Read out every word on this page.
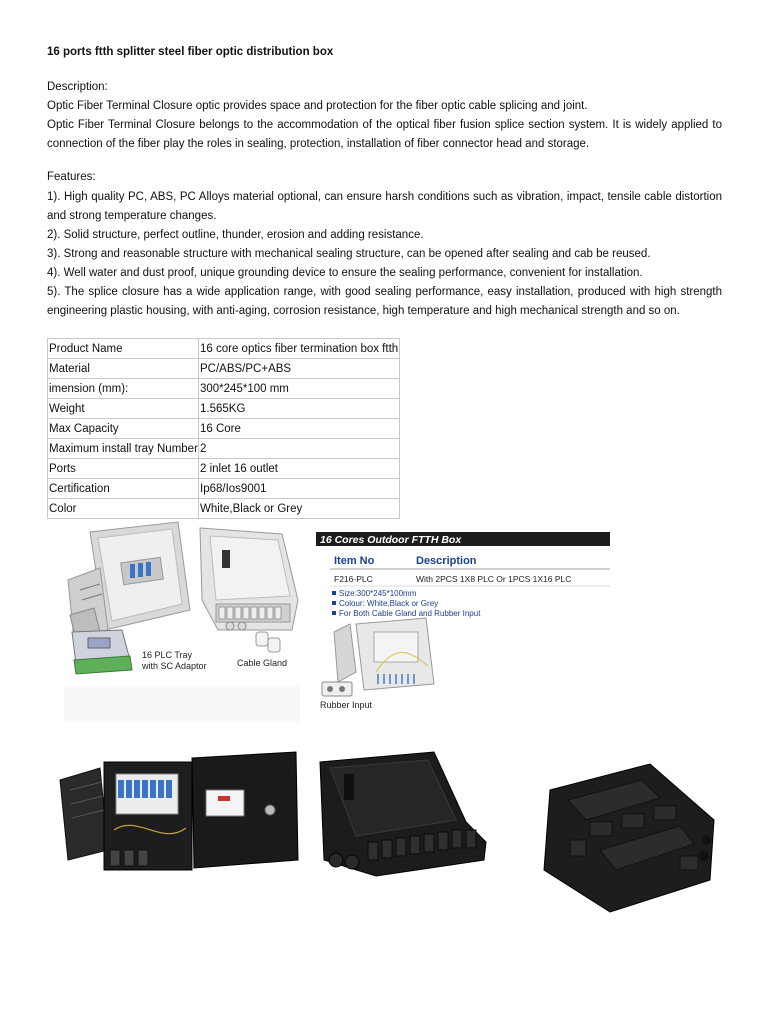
16 ports ftth splitter steel fiber optic distribution box

Description:

Optic Fiber Terminal Closure optic provides space and protection for the fiber optic cable splicing and joint.

Optic Fiber Terminal Closure belongs to the accommodation of the optical fiber fusion splice section system. It is widely applied to connection of the fiber play the roles in sealing, protection, installation of fiber connector head and storage.

Features:

1). High quality PC, ABS, PC Alloys material optional, can ensure harsh conditions such as vibration, impact, tensile cable distortion and strong temperature changes.

2). Solid structure, perfect outline, thunder, erosion and adding resistance.

3). Strong and reasonable structure with mechanical sealing structure, can be opened after sealing and cab be reused.

4). Well water and dust proof, unique grounding device to ensure the sealing performance, convenient for installation.

5). The splice closure has a wide application range, with good sealing performance, easy installation, produced with high strength engineering plastic housing, with anti-aging, corrosion resistance, high temperature and high mechanical strength and so on.

Product Name	16 core optics fiber termination box ftth
Material	PC/ABS/PC+ABS
imension (mm):	300*245*100 mm
Weight	1.565KG
Max Capacity	16 Core
Maximum install tray Number	2
Ports	2 inlet 16 outlet
Certification	Ip68/Ios9001
Color	White,Black or Grey
Cable Gland
16 PLC Tray
with SC Adaptor
16 Cores Outdoor FTTH Box
Item No	Description
F216-PLC	With 2PCS 1X8 PLC Or 1PCS 1X16 PLC
Size:300*245*100mm
Colour: White,Black or Grey
For Both Cable Gland and Rubber Input
Rubber Input
